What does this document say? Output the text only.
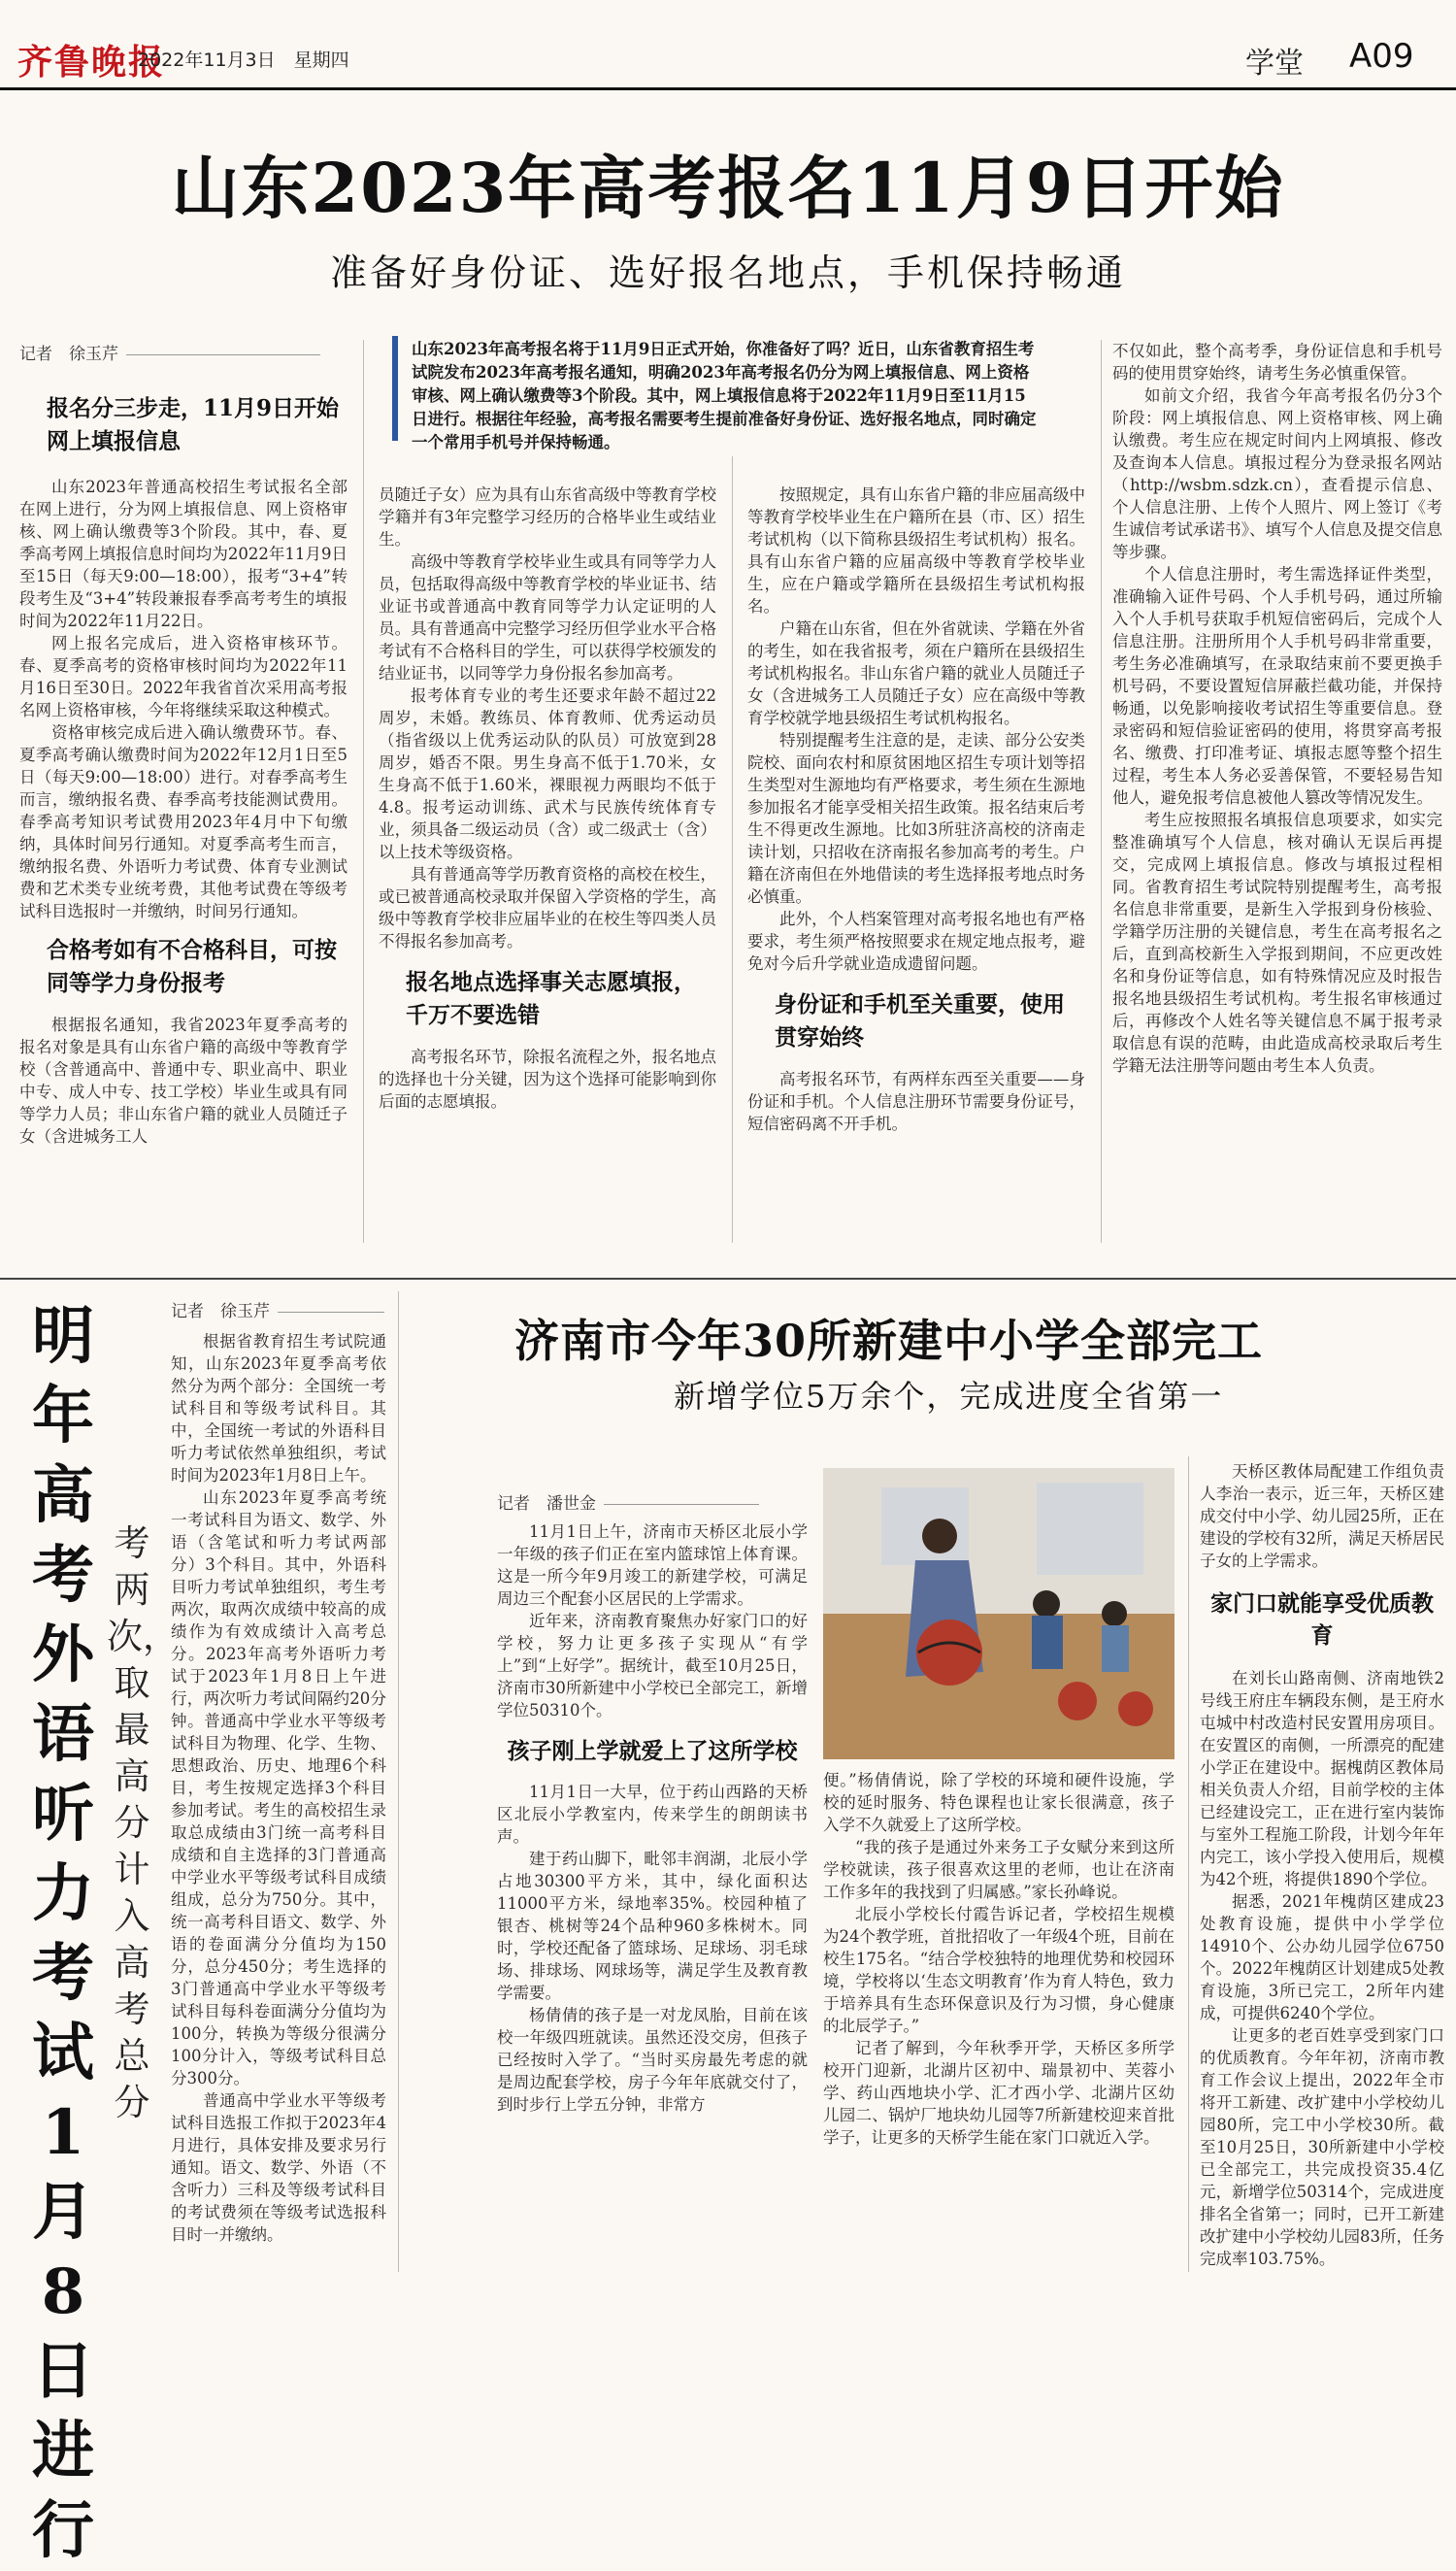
齐鲁晚报
2022年11月3日　 星期四	学堂 A09
山东2023年高考报名11月9日开始
准备好身份证、选好报名地点，手机保持畅通
记者　徐玉芹	山东2023年高考报名将于11月9日正式开始，你准备好了吗？近日，山东省教育招生考试院发布2023年高考报名通知，明确2023年高考报名仍分为网上填报信息、网上资格审核、网上确认缴费等3个阶段。其中，网上填报信息将于2022年11月9日至11月15日进行。根据往年经验，高考报名需要考生提前准备好身份证、选好报名地点，同时确定一个常用手机号并保持畅通。
报名分三步走，11月9日开始网上填报信息

山东2023年普通高校招生考试报名全部在网上进行，分为网上填报信息、网上资格审核、网上确认缴费等3个阶段。其中，春、夏季高考网上填报信息时间均为2022年11月9日至15日（每天9:00—18:00），报考“3+4”转段考生及“3+4”转段兼报春季高考考生的填报时间为2022年11月22日。

网上报名完成后，进入资格审核环节。春、夏季高考的资格审核时间均为2022年11月16日至30日。2022年我省首次采用高考报名网上资格审核，今年将继续采取这种模式。

资格审核完成后进入确认缴费环节。春、夏季高考确认缴费时间为2022年12月1日至5日（每天9:00—18:00）进行。对春季高考生而言，缴纳报名费、春季高考技能测试费用。春季高考知识考试费用2023年4月中下旬缴纳，具体时间另行通知。对夏季高考生而言，缴纳报名费、外语听力考试费、体育专业测试费和艺术类专业统考费，其他考试费在等级考试科目选报时一并缴纳，时间另行通知。

合格考如有不合格科目，可按同等学力身份报考

根据报名通知，我省2023年夏季高考的报名对象是具有山东省户籍的高级中等教育学校（含普通高中、普通中专、职业高中、职业中专、成人中专、技工学校）毕业生或具有同等学力人员；非山东省户籍的就业人员随迁子女（含进城务工人

员随迁子女）应为具有山东省高级中等教育学校学籍并有3年完整学习经历的合格毕业生或结业生。

高级中等教育学校毕业生或具有同等学力人员，包括取得高级中等教育学校的毕业证书、结业证书或普通高中教育同等学力认定证明的人员。具有普通高中完整学习经历但学业水平合格考试有不合格科目的学生，可以获得学校颁发的结业证书，以同等学力身份报名参加高考。

报考体育专业的考生还要求年龄不超过22周岁，未婚。教练员、体育教师、优秀运动员（指省级以上优秀运动队的队员）可放宽到28周岁，婚否不限。男生身高不低于1.70米，女生身高不低于1.60米，裸眼视力两眼均不低于4.8。报考运动训练、武术与民族传统体育专业，须具备二级运动员（含）或二级武士（含）以上技术等级资格。

具有普通高等学历教育资格的高校在校生，或已被普通高校录取并保留入学资格的学生，高级中等教育学校非应届毕业的在校生等四类人员不得报名参加高考。

报名地点选择事关志愿填报，千万不要选错

高考报名环节，除报名流程之外，报名地点的选择也十分关键，因为这个选择可能影响到你后面的志愿填报。

按照规定，具有山东省户籍的非应届高级中等教育学校毕业生在户籍所在县（市、区）招生考试机构（以下简称县级招生考试机构）报名。具有山东省户籍的应届高级中等教育学校毕业生，应在户籍或学籍所在县级招生考试机构报名。

户籍在山东省，但在外省就读、学籍在外省的考生，如在我省报考，须在户籍所在县级招生考试机构报名。非山东省户籍的就业人员随迁子女（含进城务工人员随迁子女）应在高级中等教育学校就学地县级招生考试机构报名。

特别提醒考生注意的是，走读、部分公安类院校、面向农村和原贫困地区招生专项计划等招生类型对生源地均有严格要求，考生须在生源地参加报名才能享受相关招生政策。报名结束后考生不得更改生源地。比如3所驻济高校的济南走读计划，只招收在济南报名参加高考的考生。户籍在济南但在外地借读的考生选择报考地点时务必慎重。

此外，个人档案管理对高考报名地也有严格要求，考生须严格按照要求在规定地点报考，避免对今后升学就业造成遗留问题。

身份证和手机至关重要，使用贯穿始终

高考报名环节，有两样东西至关重要——身份证和手机。个人信息注册环节需要身份证号，短信密码离不开手机。

不仅如此，整个高考季，身份证信息和手机号码的使用贯穿始终，请考生务必慎重保管。

如前文介绍，我省今年高考报名仍分3个阶段：网上填报信息、网上资格审核、网上确认缴费。考生应在规定时间内上网填报、修改及查询本人信息。填报过程分为登录报名网站（http://wsbm.sdzk.cn），查看提示信息、个人信息注册、上传个人照片、网上签订《考生诚信考试承诺书》、填写个人信息及提交信息等步骤。

个人信息注册时，考生需选择证件类型，准确输入证件号码、个人手机号码，通过所输入个人手机号获取手机短信密码后，完成个人信息注册。注册所用个人手机号码非常重要，考生务必准确填写，在录取结束前不要更换手机号码，不要设置短信屏蔽拦截功能，并保持畅通，以免影响接收考试招生等重要信息。登录密码和短信验证密码的使用，将贯穿高考报名、缴费、打印准考证、填报志愿等整个招生过程，考生本人务必妥善保管，不要轻易告知他人，避免报考信息被他人篡改等情况发生。

考生应按照报名填报信息项要求，如实完整准确填写个人信息，核对确认无误后再提交，完成网上填报信息。修改与填报过程相同。省教育招生考试院特别提醒考生，高考报名信息非常重要，是新生入学报到身份核验、学籍学历注册的关键信息，考生在高考报名之后，直到高校新生入学报到期间，不应更改姓名和身份证等信息，如有特殊情况应及时报告报名地县级招生考试机构。考生报名审核通过后，再修改个人姓名等关键信息不属于报考录取信息有误的范畴，由此造成高校录取后考生学籍无法注册等问题由考生本人负责。

明年高考外语听力考试1月8日进行
考两次，取最高分计入高考总分
记者　徐玉芹

根据省教育招生考试院通知，山东2023年夏季高考依然分为两个部分：全国统一考试科目和等级考试科目。其中，全国统一考试的外语科目听力考试依然单独组织，考试时间为2023年1月8日上午。

山东2023年夏季高考统一考试科目为语文、数学、外语（含笔试和听力考试两部分）3个科目。其中，外语科目听力考试单独组织，考生考两次，取两次成绩中较高的成绩作为有效成绩计入高考总分。2023年高考外语听力考试于2023年1月8日上午进行，两次听力考试间隔约20分钟。普通高中学业水平等级考试科目为物理、化学、生物、思想政治、历史、地理6个科目，考生按规定选择3个科目参加考试。考生的高校招生录取总成绩由3门统一高考科目成绩和自主选择的3门普通高中学业水平等级考试科目成绩组成，总分为750分。其中，统一高考科目语文、数学、外语的卷面满分分值均为150分，总分450分；考生选择的3门普通高中学业水平等级考试科目每科卷面满分分值均为100分，转换为等级分很满分100分计入，等级考试科目总分300分。

普通高中学业水平等级考试科目选报工作拟于2023年4月进行，具体安排及要求另行通知。语文、数学、外语（不含听力）三科及等级考试科目的考试费须在等级考试选报科目时一并缴纳。

济南市今年30所新建中小学全部完工
新增学位5万余个，完成进度全省第一
记者　潘世金

11月1日上午，济南市天桥区北辰小学一年级的孩子们正在室内篮球馆上体育课。这是一所今年9月竣工的新建学校，可满足周边三个配套小区居民的上学需求。

近年来，济南教育聚焦办好家门口的好学校，努力让更多孩子实现从“有学上”到“上好学”。据统计，截至10月25日，济南市30所新建中小学校已全部完工，新增学位50310个。

孩子刚上学就爱上了这所学校

11月1日一大早，位于药山西路的天桥区北辰小学教室内，传来学生的朗朗读书声。

建于药山脚下，毗邻丰润湖，北辰小学占地30300平方米，其中，绿化面积达11000平方米，绿地率35%。校园种植了银杏、桃树等24个品种960多株树木。同时，学校还配备了篮球场、足球场、羽毛球场、排球场、网球场等，满足学生及教育教学需要。

杨倩倩的孩子是一对龙凤胎，目前在该校一年级四班就读。虽然还没交房，但孩子已经按时入学了。“当时买房最先考虑的就是周边配套学校，房子今年年底就交付了，到时步行上学五分钟，非常方

便。”杨倩倩说，除了学校的环境和硬件设施，学校的延时服务、特色课程也让家长很满意，孩子入学不久就爱上了这所学校。

“我的孩子是通过外来务工子女赋分来到这所学校就读，孩子很喜欢这里的老师，也让在济南工作多年的我找到了归属感。”家长孙峰说。

北辰小学校长付霞告诉记者，学校招生规模为24个教学班，首批招收了一年级4个班，目前在校生175名。“结合学校独特的地理优势和校园环境，学校将以‘生态文明教育’作为育人特色，致力于培养具有生态环保意识及行为习惯，身心健康的北辰学子。”

记者了解到，今年秋季开学，天桥区多所学校开门迎新，北湖片区初中、瑞景初中、芙蓉小学、药山西地块小学、汇才西小学、北湖片区幼儿园二、锅炉厂地块幼儿园等7所新建校迎来首批学子，让更多的天桥学生能在家门口就近入学。

天桥区教体局配建工作组负责人李治一表示，近三年，天桥区建成交付中小学、幼儿园25所，正在建设的学校有32所，满足天桥居民子女的上学需求。

家门口就能享受优质教育

在刘长山路南侧、济南地铁2号线王府庄车辆段东侧，是王府水屯城中村改造村民安置用房项目。在安置区的南侧，一所漂亮的配建小学正在建设中。据槐荫区教体局相关负责人介绍，目前学校的主体已经建设完工，正在进行室内装饰与室外工程施工阶段，计划今年年内完工，该小学投入使用后，规模为42个班，将提供1890个学位。

据悉，2021年槐荫区建成23处教育设施，提供中小学学位14910个、公办幼儿园学位6750个。2022年槐荫区计划建成5处教育设施，3所已完工，2所年内建成，可提供6240个学位。

让更多的老百姓享受到家门口的优质教育。今年年初，济南市教育工作会议上提出，2022年全市将开工新建、改扩建中小学校幼儿园80所，完工中小学校30所。截至10月25日，30所新建中小学校已全部完工，共完成投资35.4亿元，新增学位50314个，完成进度排名全省第一；同时，已开工新建改扩建中小学校幼儿园83所，任务完成率103.75%。
